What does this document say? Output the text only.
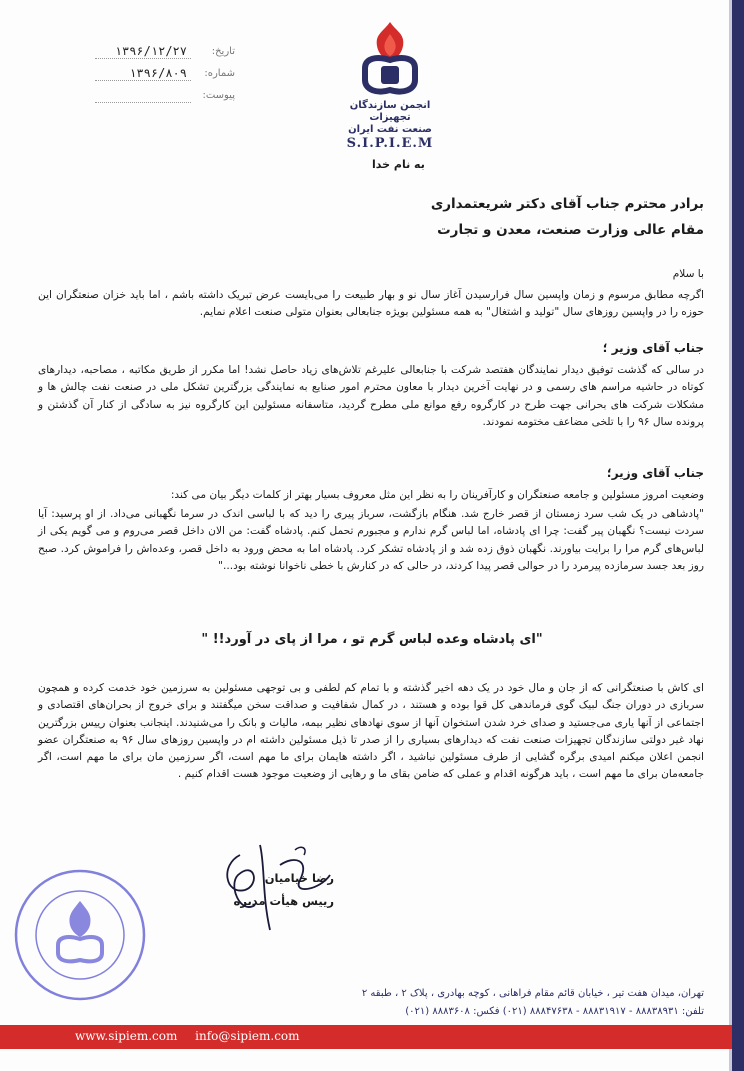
تاریخ:
۱۳۹۶/۱۲/۲۷
شماره:
۱۳۹۶/۸۰۹
پیوست:
انجمن سازندگان
تجهیزات
صنعت نفت ایران
S.I.P.I.E.M
به نام خدا
برادر محترم جناب آقای دکتر شریعتمداری
مقام عالی وزارت صنعت، معدن و تجارت
با سلام
اگرچه مطابق مرسوم و زمان واپسین سال فرارسیدن آغاز سال نو و بهار طبیعت را می‌بایست عرض تبریک داشته باشم ، اما باید خزان صنعتگران این حوزه را در واپسین روزهای سال "تولید و اشتغال" به همه مسئولین بویژه جنابعالی بعنوان متولی صنعت اعلام نمایم.
جناب آقای وزیر ؛
در سالی که گذشت توفیق دیدار نمایندگان هفتصد شرکت با جنابعالی علیرغم تلاش‌های زیاد حاصل نشد! اما مکرر از طریق مکاتبه ، مصاحبه، دیدارهای کوتاه در حاشیه مراسم های رسمی و در نهایت آخرین دیدار با معاون محترم امور صنایع به نمایندگی بزرگترین تشکل ملی در صنعت نفت چالش ها و مشکلات شرکت های بحرانی جهت طرح در کارگروه رفع موانع ملی مطرح گردید، متاسفانه مسئولین این کارگروه نیز به سادگی از کنار آن گذشتن و پرونده سال ۹۶ را با تلخی مضاعف مختومه نمودند.
جناب آقای وزیر؛
وضعیت امروز مسئولین و جامعه صنعتگران و کارآفرینان را به نظر این مثل معروف بسیار بهتر از کلمات دیگر بیان می کند:
"پادشاهی در یک شب سرد زمستان از قصر خارج شد. هنگام بازگشت، سرباز پیری را دید که با لباسی اندک در سرما نگهبانی می‌داد. از او پرسید: آیا سردت نیست؟ نگهبان پیر گفت: چرا ای پادشاه، اما لباس گرم ندارم و مجبورم تحمل کنم. پادشاه گفت: من الان داخل قصر می‌روم و می گویم یکی از لباس‌های گرم مرا را برایت بیاورند. نگهبان ذوق زده شد و از پادشاه تشکر کرد. پادشاه اما به محض ورود به داخل قصر، وعده‌اش را فراموش کرد. صبح روز بعد جسد سرمازده پیرمرد را در حوالی قصر پیدا کردند، در حالی که در کنارش با خطی ناخوانا نوشته بود..."
"ای پادشاه وعده لباس گرم تو ، مرا از پای در آورد!! "
ای کاش با صنعتگرانی که از جان و مال خود در یک دهه اخیر گذشته و با تمام کم لطفی و بی توجهی مسئولین به سرزمین خود خدمت کرده و همچون سربازی در دوران جنگ لبیک گوی فرماندهی کل قوا بوده و هستند ، در کمال شفافیت و صداقت سخن میگفتند و برای خروج از بحران‌های اقتصادی و اجتماعی از آنها یاری می‌جستید و صدای خرد شدن استخوان آنها از سوی نهادهای نظیر بیمه، مالیات و بانک را می‌شنیدند. اینجانب بعنوان رییس بزرگترین نهاد غیر دولتی سازندگان تجهیزات صنعت نفت که دیدارهای بسیاری را از صدر تا ذیل مسئولین داشته ام در واپسین روزهای سال ۹۶ به صنعتگران عضو انجمن اعلان میکنم امیدی برگره گشایی از طرف مسئولین نباشید ، اگر داشته هایمان برای ما مهم است، اگر سرزمین مان برای ما مهم است، اگر جامعه‌مان برای ما مهم است ، باید هرگونه اقدام و عملی که ضامن بقای ما و رهایی از وضعیت موجود هست اقدام کنیم .
رضا خیامیان
رییس هیأت مدیره
تهران، میدان هفت تیر ، خیابان قائم مقام فراهانی ، کوچه بهادری ، پلاک ۲ ، طبقه ۲
تلفن: ۸۸۸۳۸۹۳۱ - ۸۸۸۳۱۹۱۷ - ۸۸۸۴۷۶۳۸ (۰۲۱) فکس: ۸۸۸۳۶۰۸ (۰۲۱)
www.sipiem.com info@sipiem.com
